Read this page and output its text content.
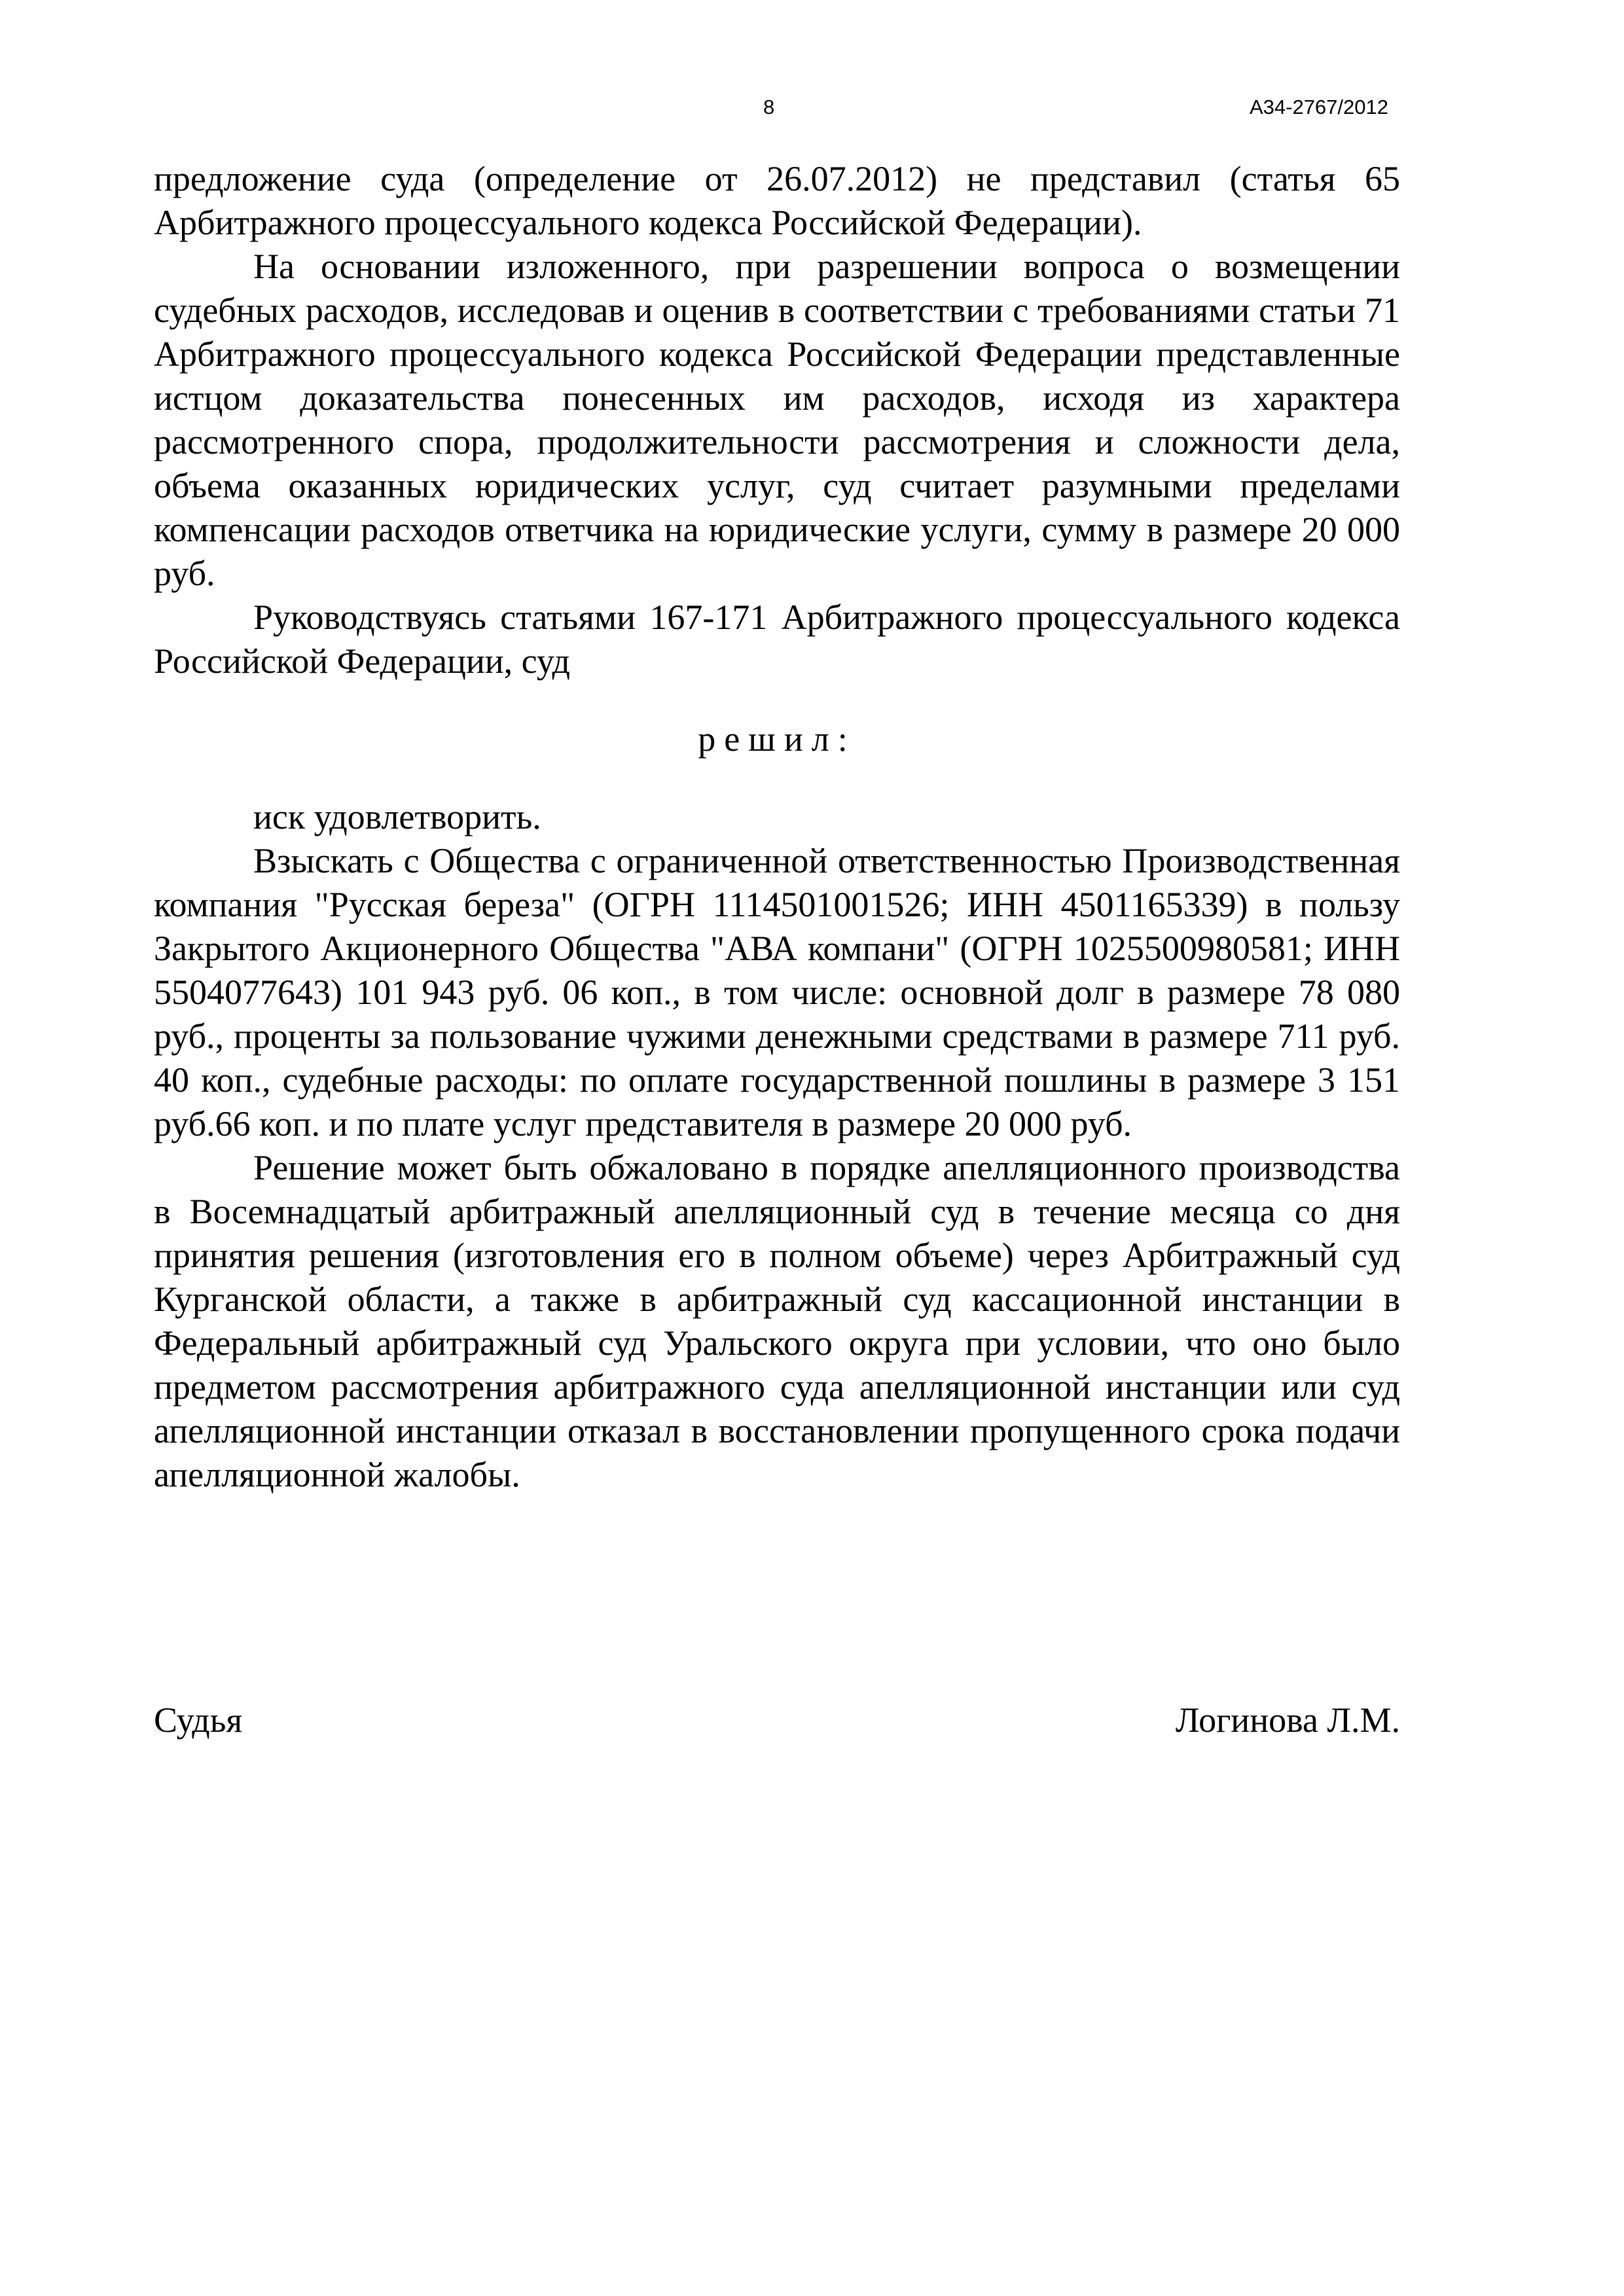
8	А34-2767/2012

предложение суда (определение от 26.07.2012) не представил (статья 65 Арбитражного процессуального кодекса Российской Федерации).

На основании изложенного, при разрешении вопроса о возмещении судебных расходов, исследовав и оценив в соответствии с требованиями статьи 71 Арбитражного процессуального кодекса Российской Федерации представленные истцом доказательства понесенных им расходов, исходя из характера рассмотренного спора, продолжительности рассмотрения и сложности дела, объема оказанных юридических услуг, суд считает разумными пределами компенсации расходов ответчика на юридические услуги, сумму в размере 20 000 руб.

Руководствуясь статьями 167-171 Арбитражного процессуального кодекса Российской Федерации, суд

решил:

иск удовлетворить.

Взыскать с Общества с ограниченной ответственностью Производственная компания "Русская береза" (ОГРН 1114501001526; ИНН 4501165339) в пользу Закрытого Акционерного Общества "АВА компани" (ОГРН 1025500980581; ИНН 5504077643) 101 943 руб. 06 коп., в том числе: основной долг в размере 78 080 руб., проценты за пользование чужими денежными средствами в размере 711 руб. 40 коп., судебные расходы: по оплате государственной пошлины в размере 3 151 руб.66 коп. и по плате услуг представителя в размере 20 000 руб.

Решение может быть обжаловано в порядке апелляционного производства в Восемнадцатый арбитражный апелляционный суд в течение месяца со дня принятия решения (изготовления его в полном объеме) через Арбитражный суд Курганской области, а также в арбитражный суд кассационной инстанции в Федеральный арбитражный суд Уральского округа при условии, что оно было предметом рассмотрения арбитражного суда апелляционной инстанции или суд апелляционной инстанции отказал в восстановлении пропущенного срока подачи апелляционной жалобы.

Судья	Логинова Л.М.
